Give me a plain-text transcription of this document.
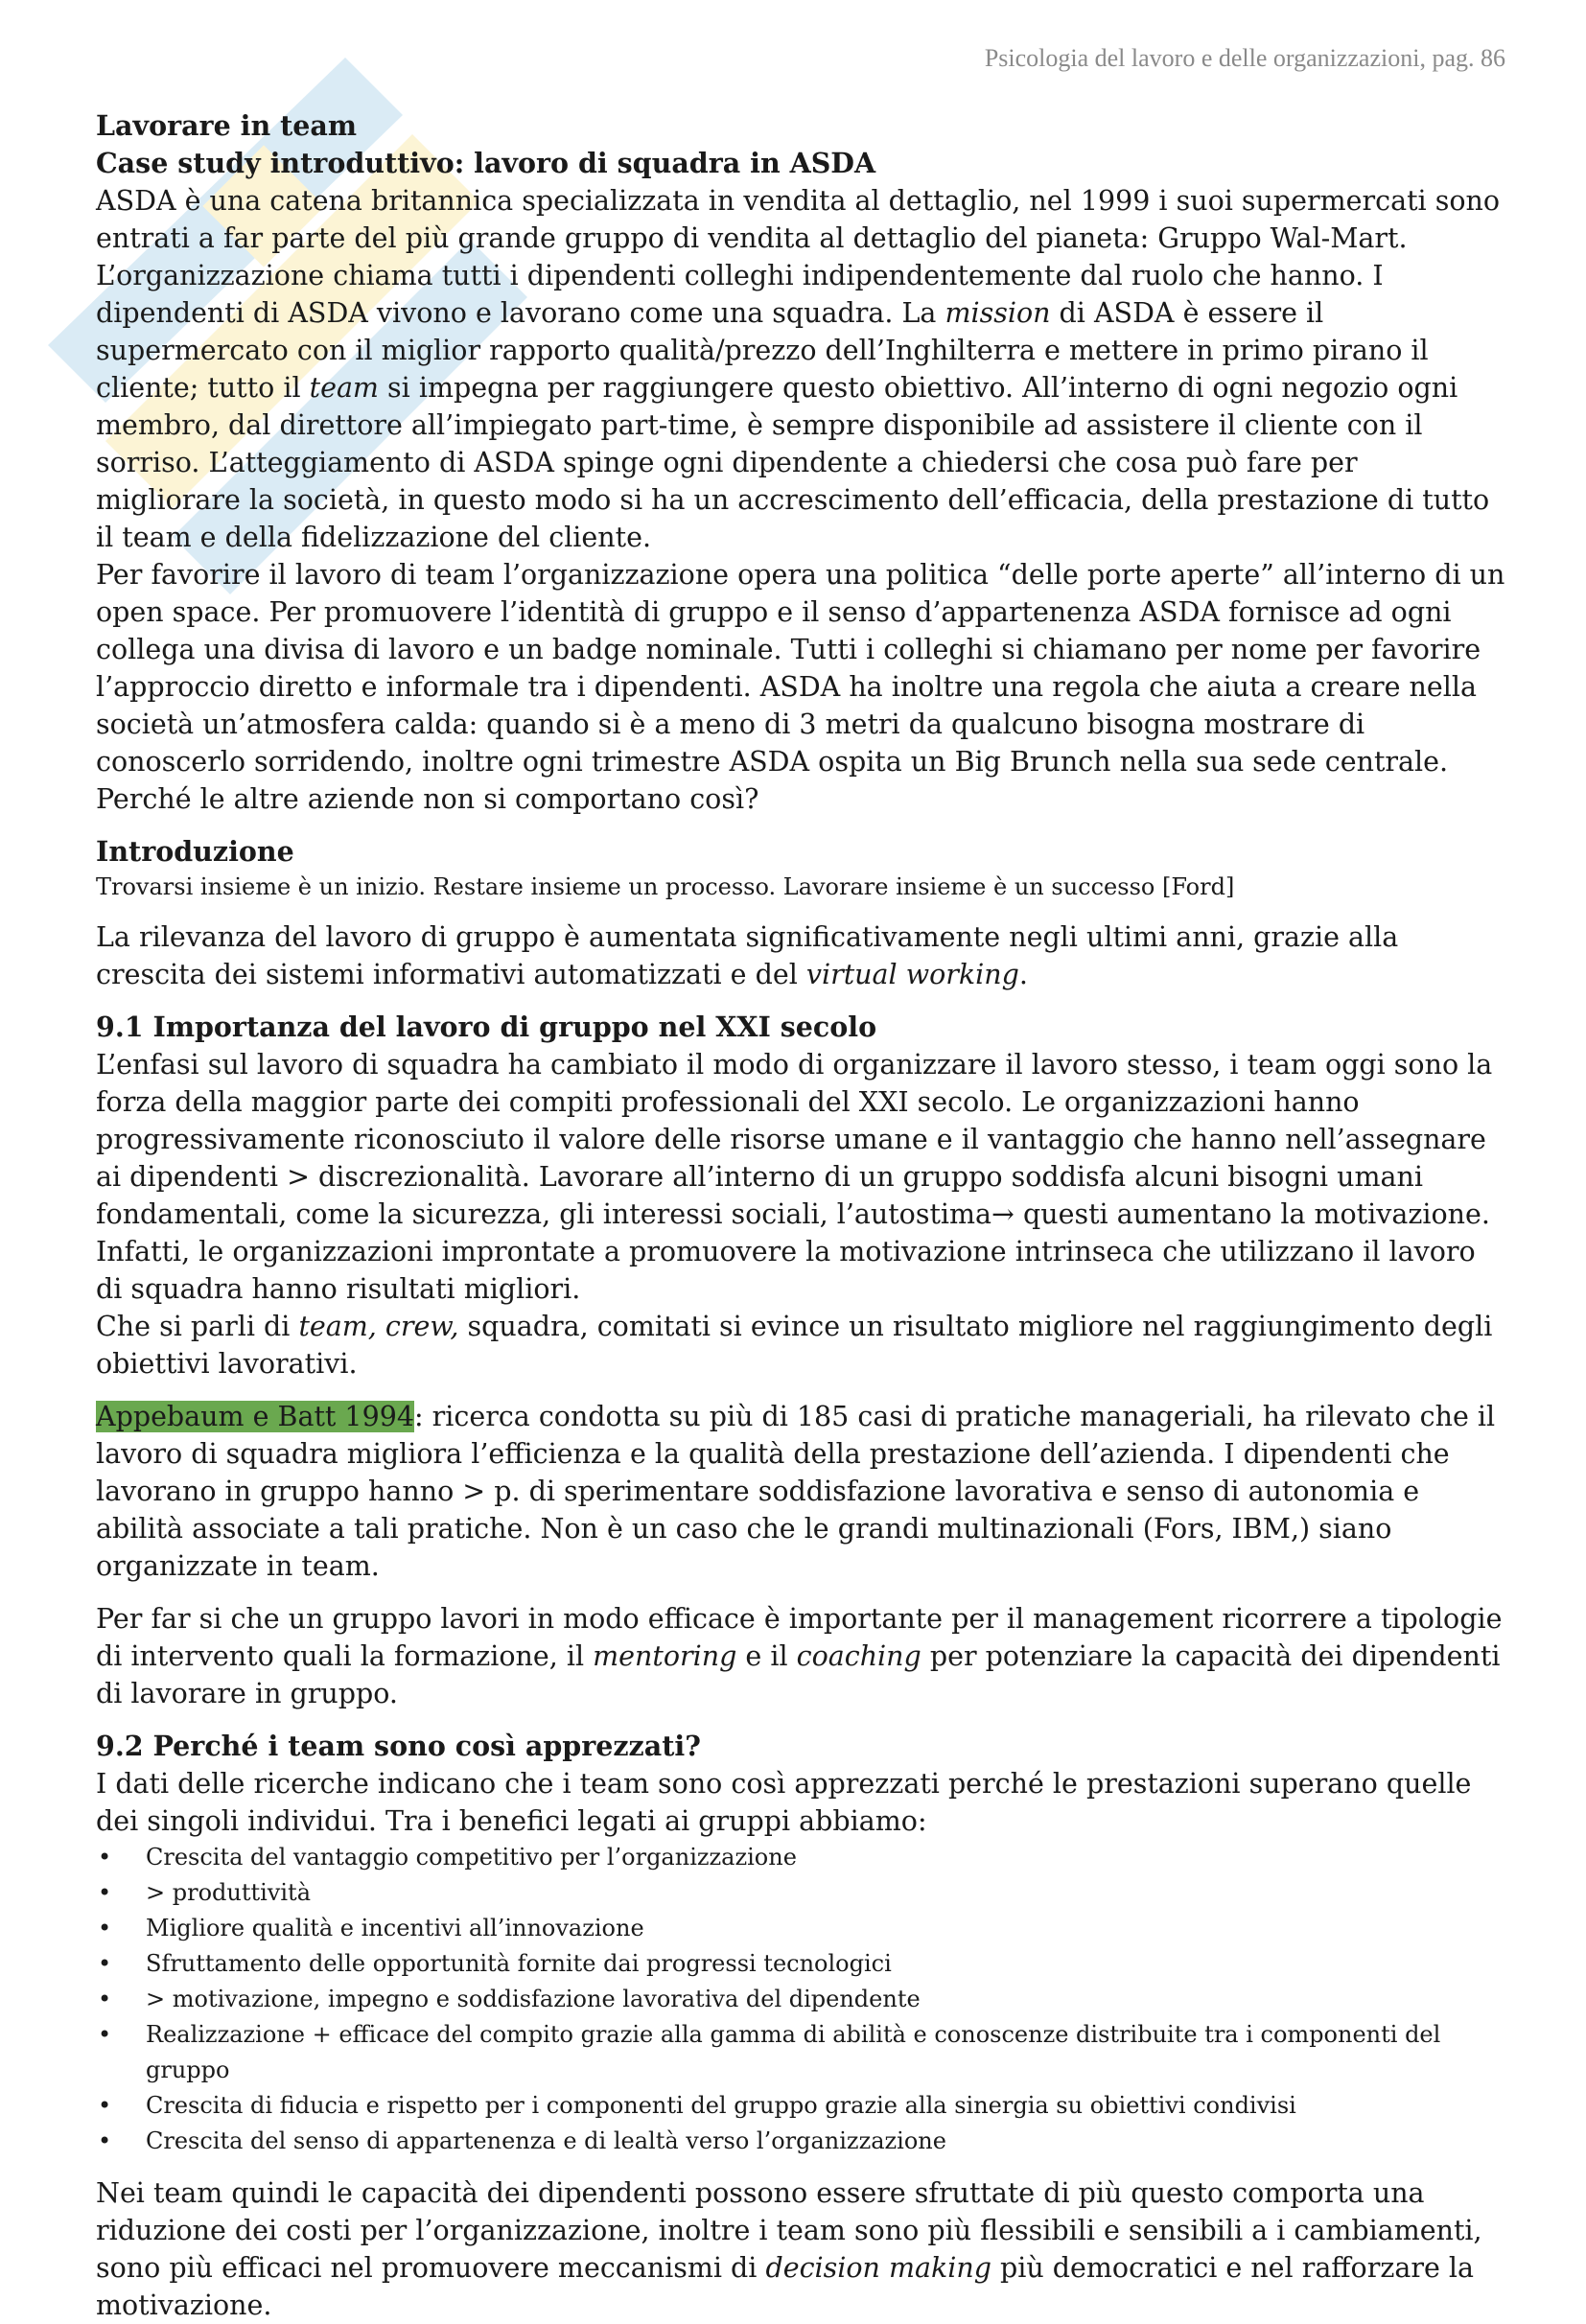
Psicologia del lavoro e delle organizzazioni, pag. 86

Lavorare in team

Case study introduttivo: lavoro di squadra in ASDA

ASDA è una catena britannica specializzata in vendita al dettaglio, nel 1999 i suoi supermercati sono entrati a far parte del più grande gruppo di vendita al dettaglio del pianeta: Gruppo Wal-Mart. L’organizzazione chiama tutti i dipendenti colleghi indipendentemente dal ruolo che hanno. I dipendenti di ASDA vivono e lavorano come una squadra. La mission di ASDA è essere il supermercato con il miglior rapporto qualità/prezzo dell’Inghilterra e mettere in primo pirano il cliente; tutto il team si impegna per raggiungere questo obiettivo. All’interno di ogni negozio ogni membro, dal direttore all’impiegato part-time, è sempre disponibile ad assistere il cliente con il sorriso. L’atteggiamento di ASDA spinge ogni dipendente a chiedersi che cosa può fare per migliorare la società, in questo modo si ha un accrescimento dell’efficacia, della prestazione di tutto il team e della fidelizzazione del cliente.

Per favorire il lavoro di team l’organizzazione opera una politica “delle porte aperte” all’interno di un open space. Per promuovere l’identità di gruppo e il senso d’appartenenza ASDA fornisce ad ogni collega una divisa di lavoro e un badge nominale. Tutti i colleghi si chiamano per nome per favorire l’approccio diretto e informale tra i dipendenti. ASDA ha inoltre una regola che aiuta a creare nella società un’atmosfera calda: quando si è a meno di 3 metri da qualcuno bisogna mostrare di conoscerlo sorridendo, inoltre ogni trimestre ASDA ospita un Big Brunch nella sua sede centrale. Perché le altre aziende non si comportano così?

Introduzione

Trovarsi insieme è un inizio. Restare insieme un processo. Lavorare insieme è un successo [Ford]

La rilevanza del lavoro di gruppo è aumentata significativamente negli ultimi anni, grazie alla crescita dei sistemi informativi automatizzati e del virtual working.

9.1 Importanza del lavoro di gruppo nel XXI secolo

L’enfasi sul lavoro di squadra ha cambiato il modo di organizzare il lavoro stesso, i team oggi sono la forza della maggior parte dei compiti professionali del XXI secolo. Le organizzazioni hanno progressivamente riconosciuto il valore delle risorse umane e il vantaggio che hanno nell’assegnare ai dipendenti > discrezionalità. Lavorare all’interno di un gruppo soddisfa alcuni bisogni umani fondamentali, come la sicurezza, gli interessi sociali, l’autostima→ questi aumentano la motivazione. Infatti, le organizzazioni improntate a promuovere la motivazione intrinseca che utilizzano il lavoro di squadra hanno risultati migliori.

Che si parli di team, crew, squadra, comitati si evince un risultato migliore nel raggiungimento degli obiettivi lavorativi.

Appebaum e Batt 1994: ricerca condotta su più di 185 casi di pratiche manageriali, ha rilevato che il lavoro di squadra migliora l’efficienza e la qualità della prestazione dell’azienda. I dipendenti che lavorano in gruppo hanno > p. di sperimentare soddisfazione lavorativa e senso di autonomia e abilità associate a tali pratiche. Non è un caso che le grandi multinazionali (Fors, IBM,) siano organizzate in team.

Per far si che un gruppo lavori in modo efficace è importante per il management ricorrere a tipologie di intervento quali la formazione, il mentoring e il coaching per potenziare la capacità dei dipendenti di lavorare in gruppo.

9.2 Perché i team sono così apprezzati?

I dati delle ricerche indicano che i team sono così apprezzati perché le prestazioni superano quelle dei singoli individui. Tra i benefici legati ai gruppi abbiamo:

• Crescita del vantaggio competitivo per l’organizzazione
• > produttività
• Migliore qualità e incentivi all’innovazione
• Sfruttamento delle opportunità fornite dai progressi tecnologici
• > motivazione, impegno e soddisfazione lavorativa del dipendente
• Realizzazione + efficace del compito grazie alla gamma di abilità e conoscenze distribuite tra i componenti del gruppo
• Crescita di fiducia e rispetto per i componenti del gruppo grazie alla sinergia su obiettivi condivisi
• Crescita del senso di appartenenza e di lealtà verso l’organizzazione

Nei team quindi le capacità dei dipendenti possono essere sfruttate di più questo comporta una riduzione dei costi per l’organizzazione, inoltre i team sono più flessibili e sensibili a i cambiamenti, sono più efficaci nel promuovere meccanismi di decision making più democratici e nel rafforzare la motivazione.
